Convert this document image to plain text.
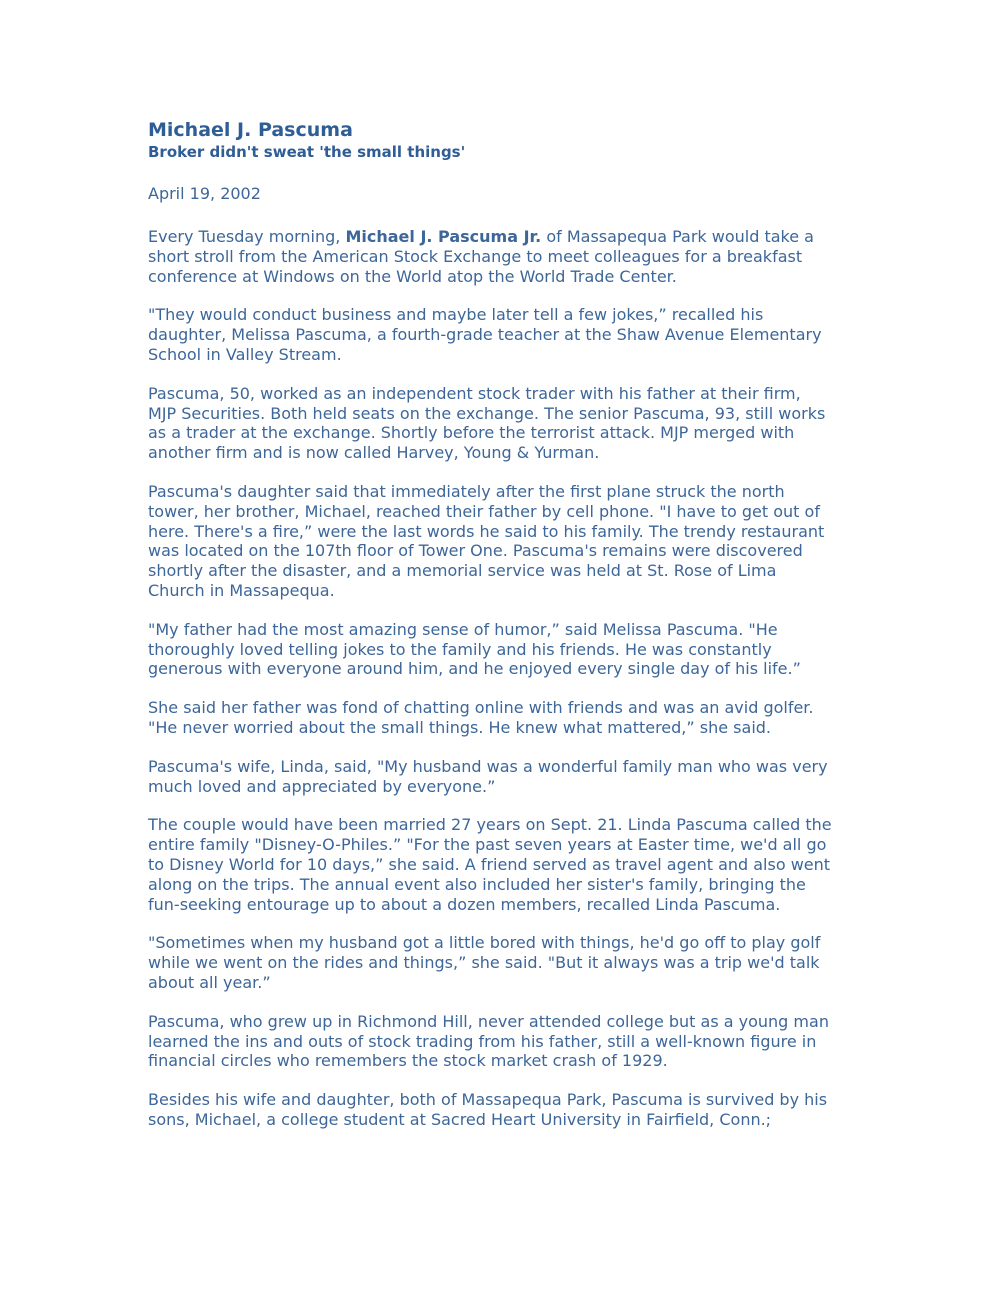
Michael J. Pascuma
Broker didn't sweat 'the small things'

April 19, 2002

Every Tuesday morning, Michael J. Pascuma Jr. of Massapequa Park would take a
short stroll from the American Stock Exchange to meet colleagues for a breakfast
conference at Windows on the World atop the World Trade Center.

"They would conduct business and maybe later tell a few jokes,” recalled his
daughter, Melissa Pascuma, a fourth-grade teacher at the Shaw Avenue Elementary
School in Valley Stream.

Pascuma, 50, worked as an independent stock trader with his father at their firm,
MJP Securities. Both held seats on the exchange. The senior Pascuma, 93, still works
as a trader at the exchange. Shortly before the terrorist attack. MJP merged with
another firm and is now called Harvey, Young & Yurman.

Pascuma's daughter said that immediately after the first plane struck the north
tower, her brother, Michael, reached their father by cell phone. "I have to get out of
here. There's a fire,” were the last words he said to his family. The trendy restaurant
was located on the 107th floor of Tower One. Pascuma's remains were discovered
shortly after the disaster, and a memorial service was held at St. Rose of Lima
Church in Massapequa.

"My father had the most amazing sense of humor,” said Melissa Pascuma. "He
thoroughly loved telling jokes to the family and his friends. He was constantly
generous with everyone around him, and he enjoyed every single day of his life.”

She said her father was fond of chatting online with friends and was an avid golfer.
"He never worried about the small things. He knew what mattered,” she said.

Pascuma's wife, Linda, said, "My husband was a wonderful family man who was very
much loved and appreciated by everyone.”

The couple would have been married 27 years on Sept. 21. Linda Pascuma called the
entire family "Disney-O-Philes.” "For the past seven years at Easter time, we'd all go
to Disney World for 10 days,” she said. A friend served as travel agent and also went
along on the trips. The annual event also included her sister's family, bringing the
fun-seeking entourage up to about a dozen members, recalled Linda Pascuma.

"Sometimes when my husband got a little bored with things, he'd go off to play golf
while we went on the rides and things,” she said. "But it always was a trip we'd talk
about all year.”

Pascuma, who grew up in Richmond Hill, never attended college but as a young man
learned the ins and outs of stock trading from his father, still a well-known figure in
financial circles who remembers the stock market crash of 1929.

Besides his wife and daughter, both of Massapequa Park, Pascuma is survived by his
sons, Michael, a college student at Sacred Heart University in Fairfield, Conn.;
